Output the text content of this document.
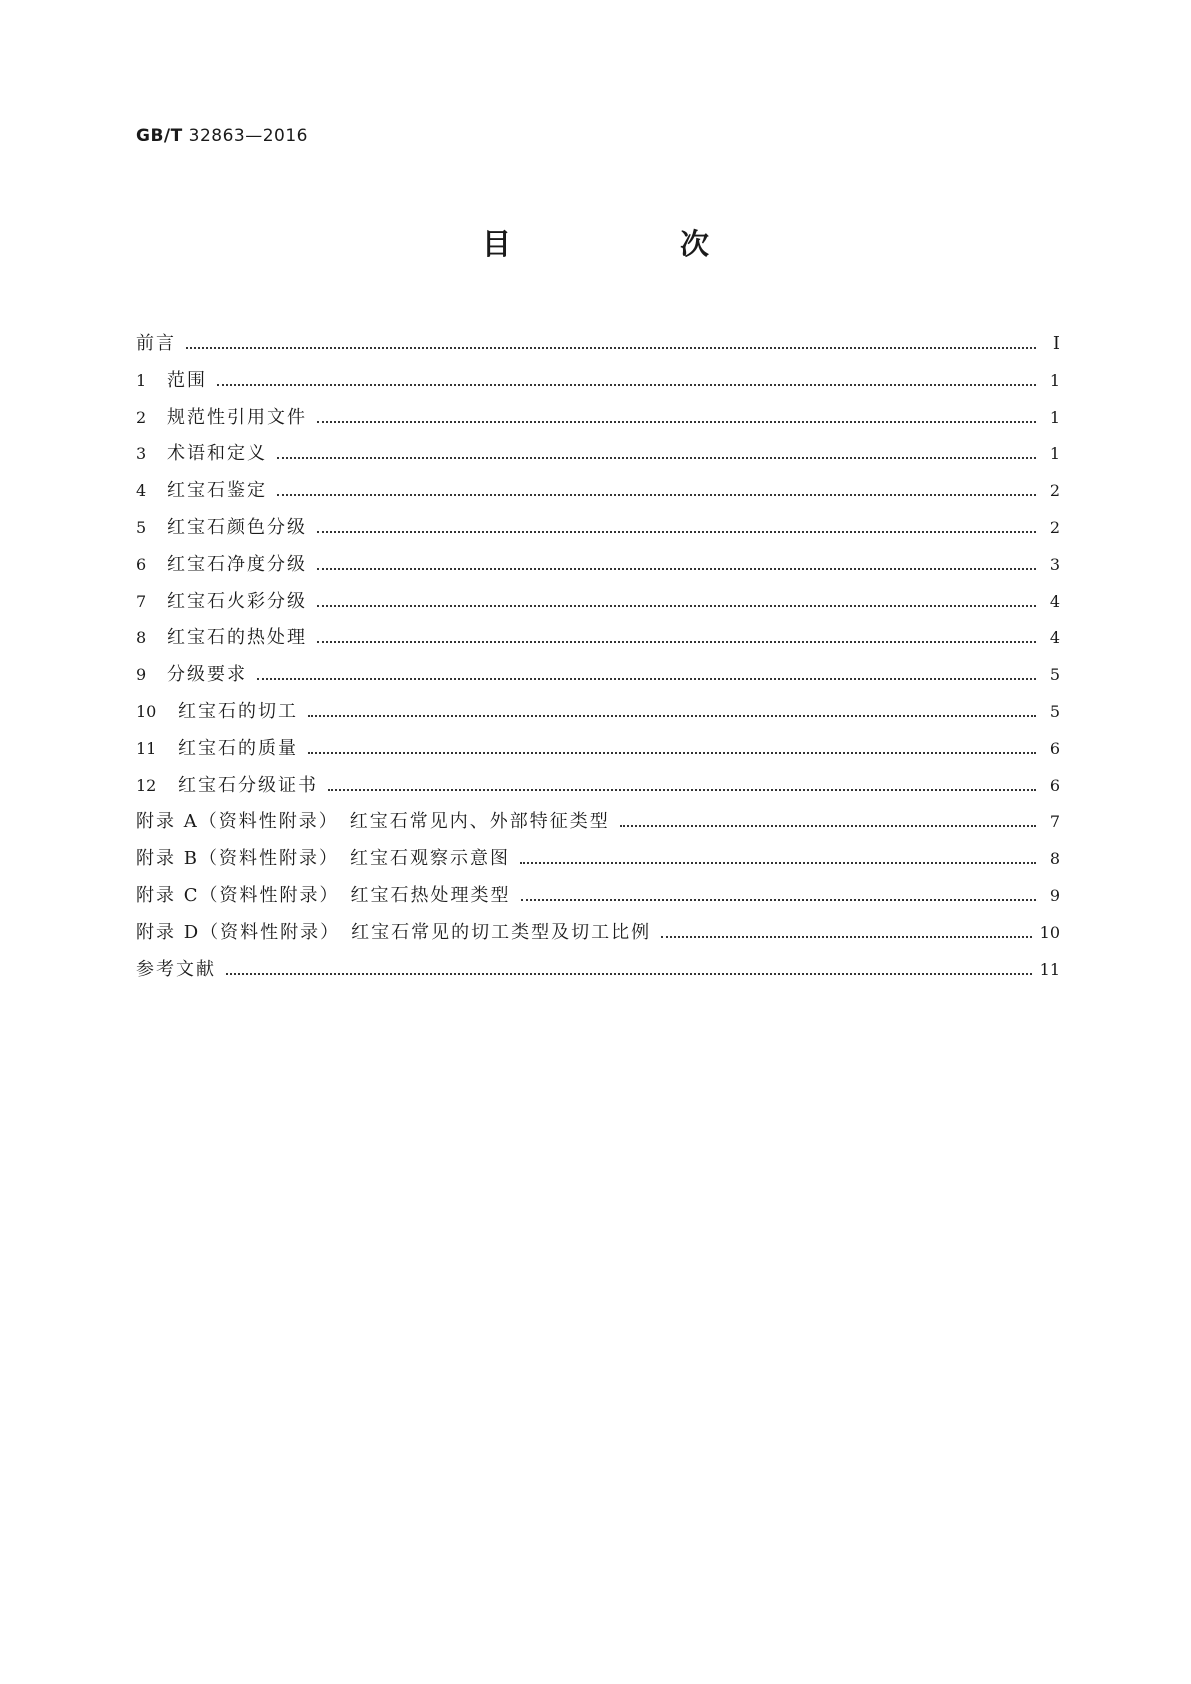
GB/T 32863—2016
目　次
前言	Ⅰ
1	范围	1
2	规范性引用文件	1
3	术语和定义	1
4	红宝石鉴定	2
5	红宝石颜色分级	2
6	红宝石净度分级	3
7	红宝石火彩分级	4
8	红宝石的热处理	4
9	分级要求	5
10	红宝石的切工	5
11	红宝石的质量	6
12	红宝石分级证书	6
附录 A（资料性附录）　红宝石常见内、外部特征类型	7
附录 B（资料性附录）　红宝石观察示意图	8
附录 C（资料性附录）　红宝石热处理类型	9
附录 D（资料性附录）　红宝石常见的切工类型及切工比例	10
参考文献	11
